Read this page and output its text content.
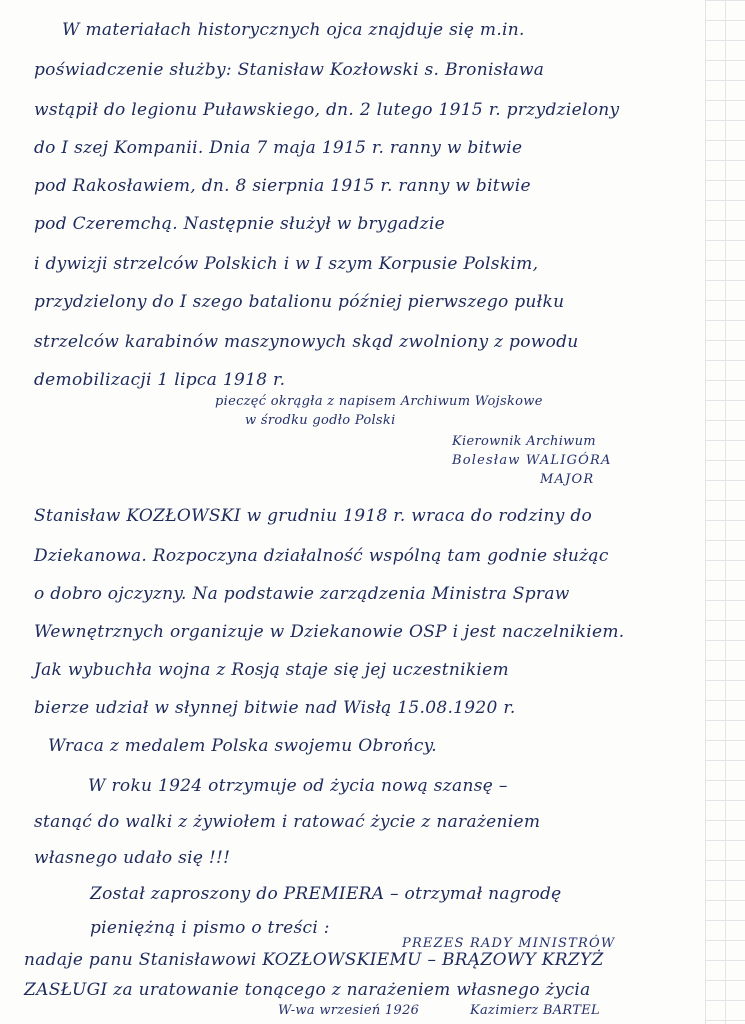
W materiałach historycznych ojca znajduje się m.in.
poświadczenie służby: Stanisław Kozłowski s. Bronisława
wstąpił do legionu Puławskiego, dn. 2 lutego 1915 r. przydzielony
do I szej Kompanii. Dnia 7 maja 1915 r. ranny w bitwie
pod Rakosławiem, dn. 8 sierpnia 1915 r. ranny w bitwie
pod Czeremchą. Następnie służył w brygadzie
i dywizji strzelców Polskich i w I szym Korpusie Polskim,
przydzielony do I szego batalionu później pierwszego pułku
strzelców karabinów maszynowych skąd zwolniony z powodu
demobilizacji 1 lipca 1918 r.
pieczęć okrągła z napisem Archiwum Wojskowe
w środku godło Polski
Kierownik Archiwum
Bolesław WALIGÓRA
MAJOR
Stanisław KOZŁOWSKI w grudniu 1918 r. wraca do rodziny do
Dziekanowa. Rozpoczyna działalność wspólną tam godnie służąc
o dobro ojczyzny. Na podstawie zarządzenia Ministra Spraw
Wewnętrznych organizuje w Dziekanowie OSP i jest naczelnikiem.
Jak wybuchła wojna z Rosją staje się jej uczestnikiem
bierze udział w słynnej bitwie nad Wisłą 15.08.1920 r.
Wraca z medalem Polska swojemu Obrońcy.
W roku 1924 otrzymuje od życia nową szansę –
stanąć do walki z żywiołem i ratować życie z narażeniem
własnego udało się !!!
Został zaproszony do PREMIERA – otrzymał nagrodę
pieniężną i pismo o treści :
nadaje panu Stanisławowi KOZŁOWSKIEMU – BRĄZOWY KRZYŻ
ZASŁUGI za uratowanie tonącego z narażeniem własnego życia
PREZES RADY MINISTRÓW
Kazimierz BARTEL
W-wa wrzesień 1926
